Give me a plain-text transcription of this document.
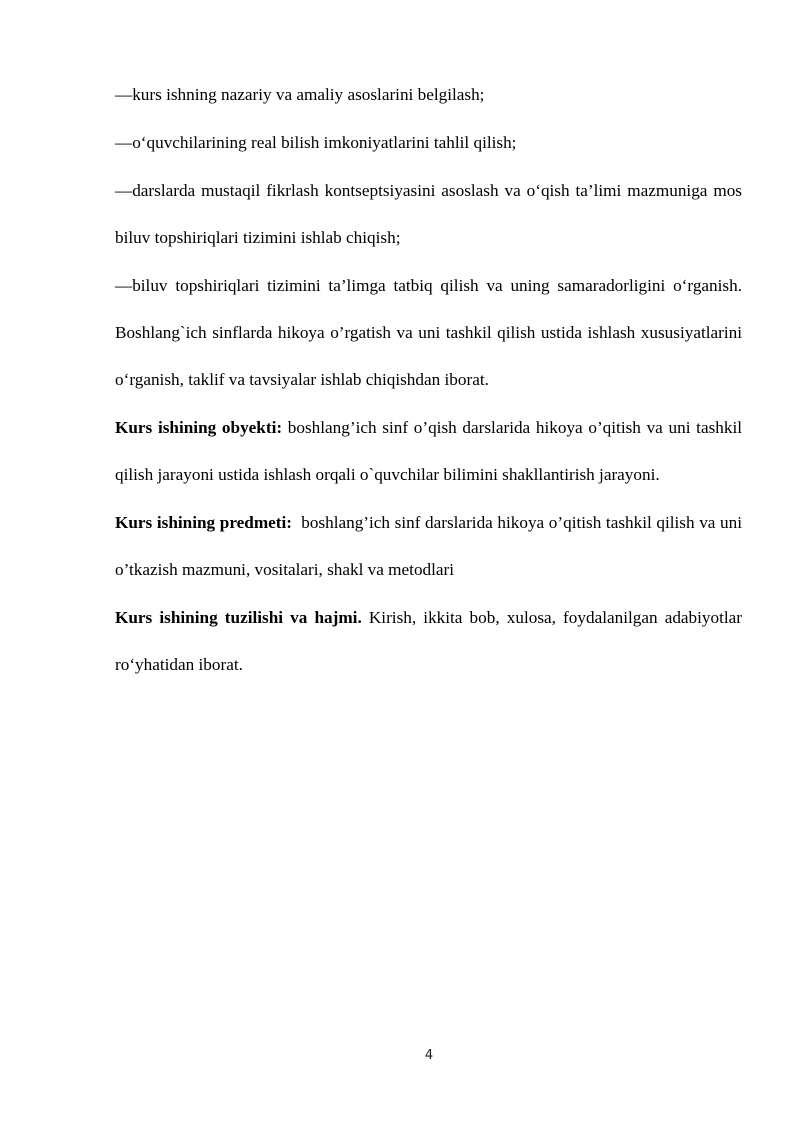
—kurs ishning nazariy va amaliy asoslarini belgilash;

—o‘quvchilarining real bilish imkoniyatlarini tahlil qilish;

—darslarda mustaqil fikrlash kontseptsiyasini asoslash va o‘qish ta’limi mazmuniga mos biluv topshiriqlari tizimini ishlab chiqish;

—biluv topshiriqlari tizimini ta’limga tatbiq qilish va uning samaradorligini o‘rganish. Boshlang`ich sinflarda hikoya o’rgatish va uni tashkil qilish ustida ishlash xususiyatlarini o‘rganish, taklif va tavsiyalar ishlab chiqishdan iborat.

Kurs ishining obyekti: boshlang’ich sinf o’qish darslarida hikoya o’qitish va uni tashkil qilish jarayoni ustida ishlash orqali o`quvchilar bilimini shakllantirish jarayoni.

Kurs ishining predmeti:  boshlang’ich sinf darslarida hikoya o’qitish tashkil qilish va uni o’tkazish mazmuni, vositalari, shakl va metodlari

Kurs ishining tuzilishi va hajmi. Kirish, ikkita bob, xulosa, foydalanilgan adabiyotlar ro‘yhatidan iborat.

4
